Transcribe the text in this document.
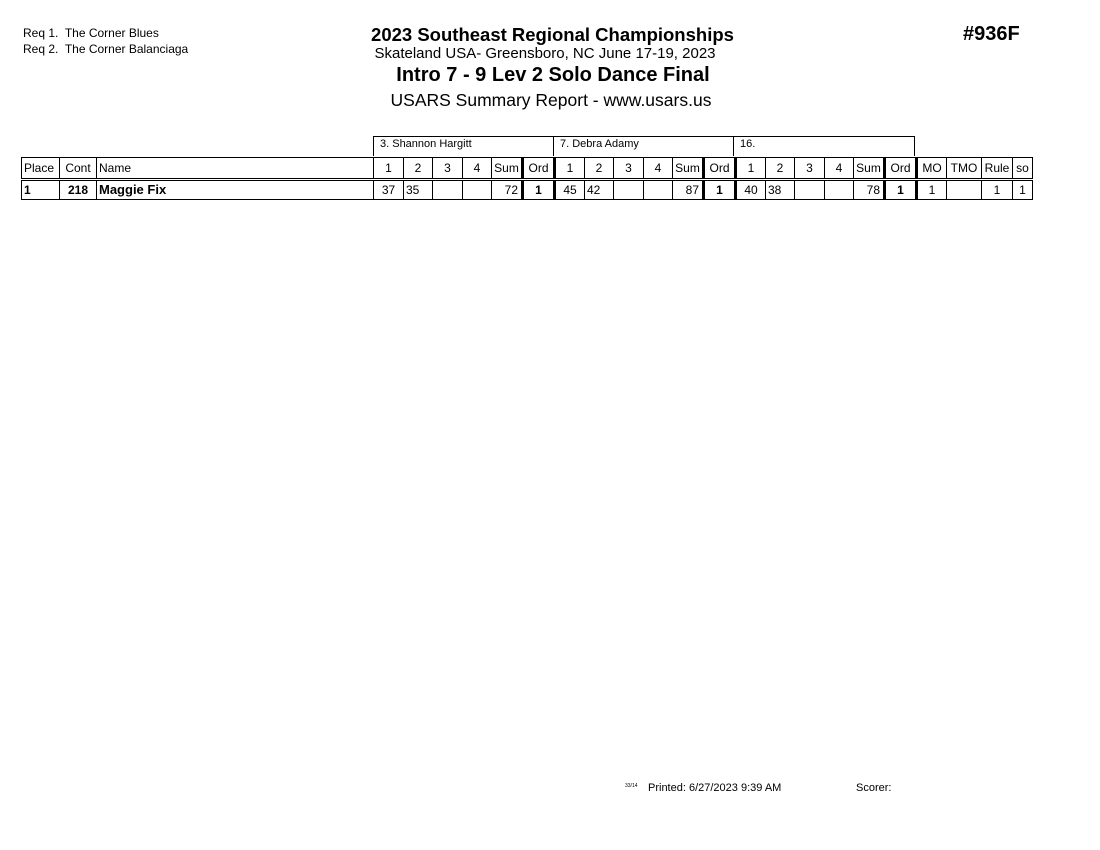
Req 1. The Corner Blues
Req 2. The Corner Balanciaga
2023 Southeast Regional Championships
Skateland USA- Greensboro, NC June 17-19, 2023
Intro 7 - 9 Lev 2 Solo Dance Final
USARS Summary Report - www.usars.us
#936F
3. Shannon Hargitt	7. Debra Adamy	16.
Place	Cont	Name	1	2	3	4	Sum	Ord	1	2	3	4	Sum	Ord	1	2	3	4	Sum	Ord	MO	TMO	Rule	so
1	218	Maggie Fix	37	35			72	1	45	42			87	1	40	38			78	1	1		1	1
33/14 Printed: 6/27/2023 9:39 AM	Scorer:
